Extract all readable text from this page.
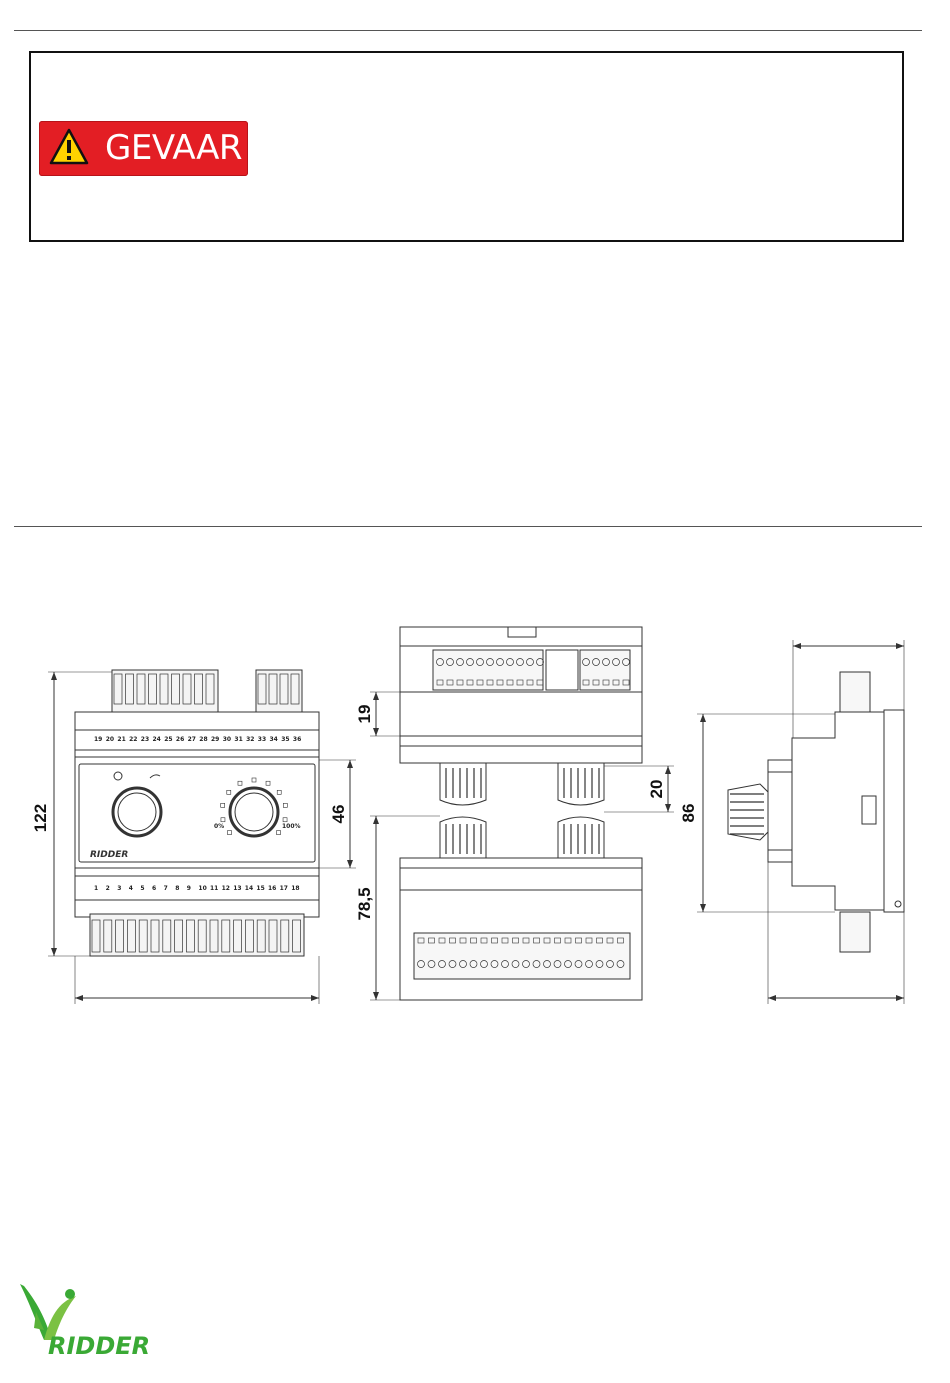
GEVAAR
122	46
19
20
78,5
86
19 20 21 22 23 24 25 26 27 28 29 30 31 32 33 34 35 36
1 2 3 4 5 6 7 8 9 10 11 12 13 14 15 16 17 18
0%	100%
RIDDER
RIDDER
